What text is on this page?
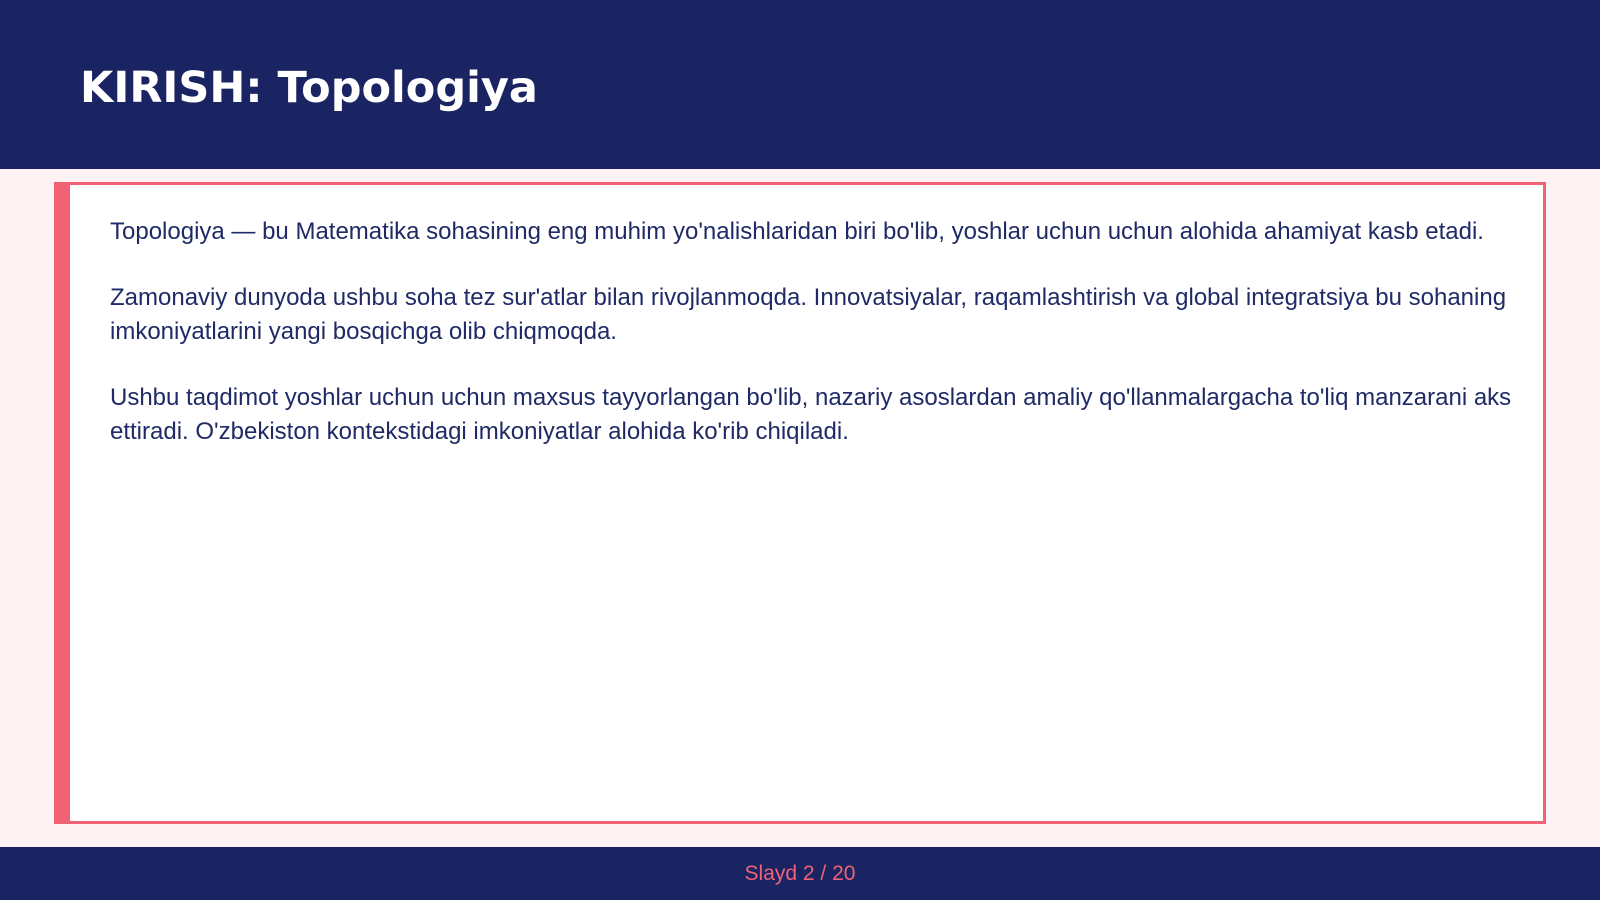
KIRISH: Topologiya

Topologiya — bu Matematika sohasining eng muhim yo'nalishlaridan biri bo'lib, yoshlar uchun uchun alohida ahamiyat kasb etadi.

Zamonaviy dunyoda ushbu soha tez sur'atlar bilan rivojlanmoqda. Innovatsiyalar, raqamlashtirish va global integratsiya bu sohaning imkoniyatlarini yangi bosqichga olib chiqmoqda.

Ushbu taqdimot yoshlar uchun uchun maxsus tayyorlangan bo'lib, nazariy asoslardan amaliy qo'llanmalargacha to'liq manzarani aks ettiradi. O'zbekiston kontekstidagi imkoniyatlar alohida ko'rib chiqiladi.

Slayd 2 / 20
